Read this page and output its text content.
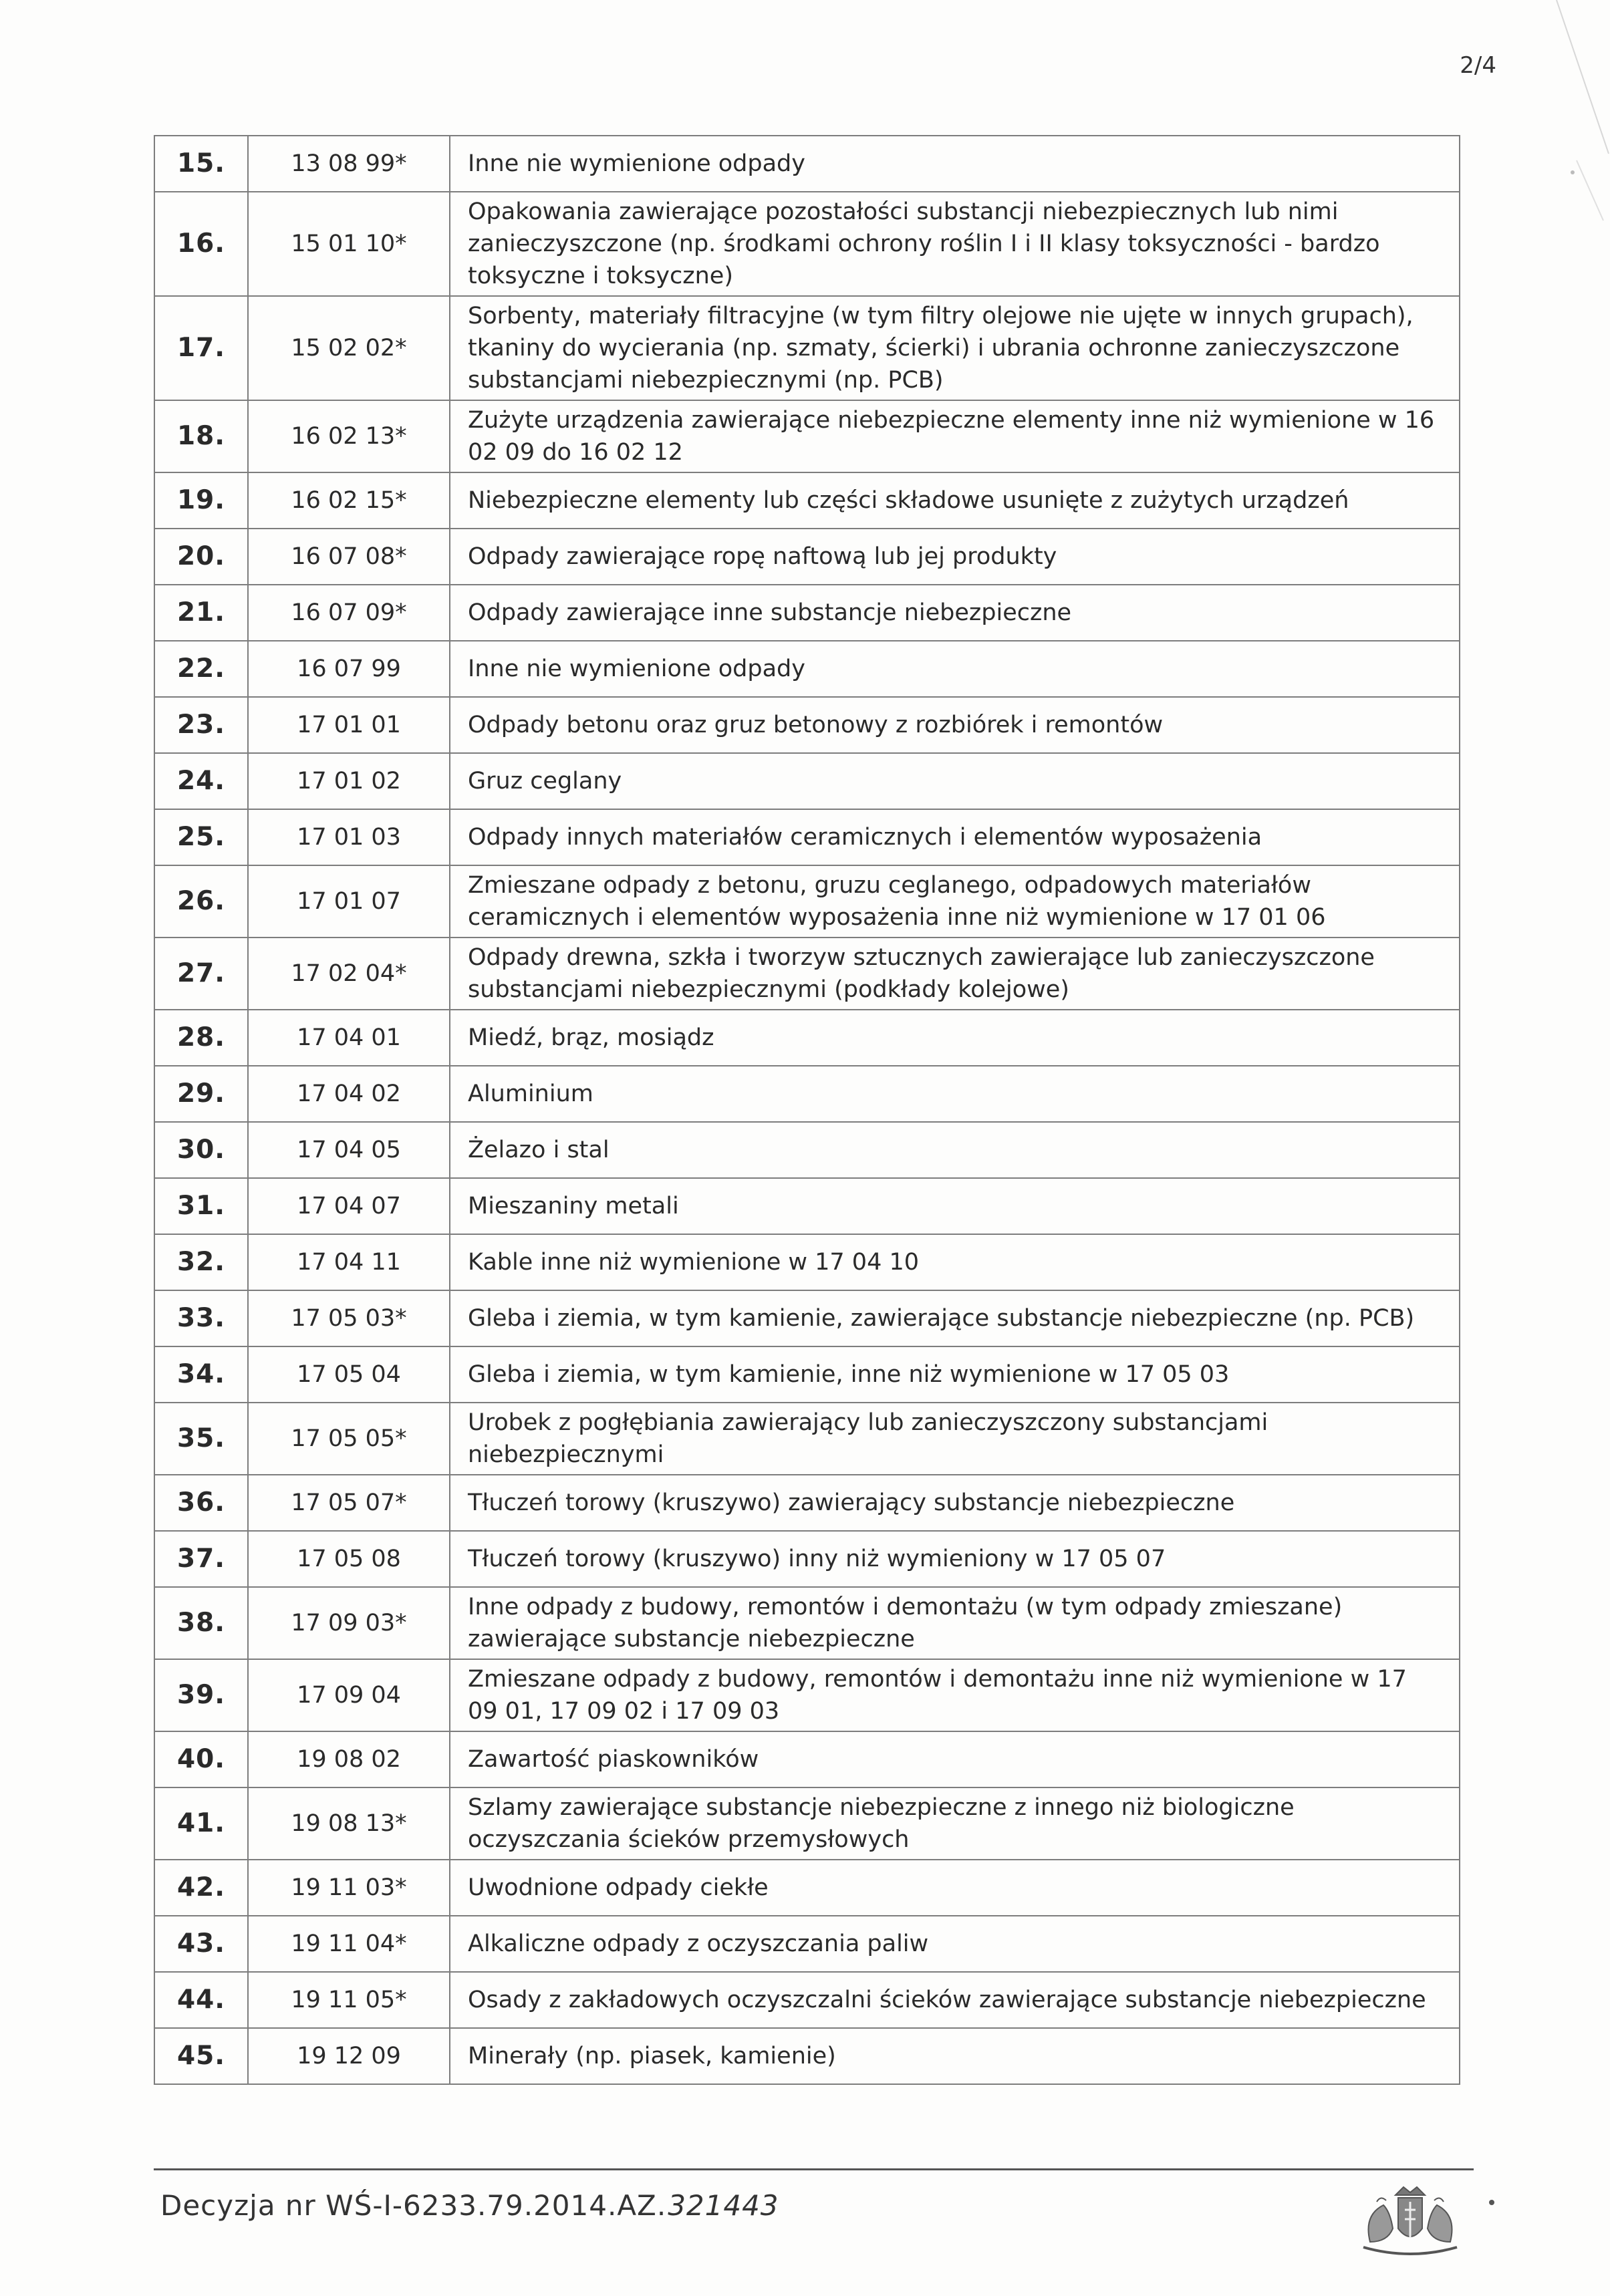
2/4
15.	13 08 99*	Inne nie wymienione odpady
16.	15 01 10*	Opakowania zawierające pozostałości substancji niebezpiecznych lub nimi zanieczyszczone (np. środkami ochrony roślin I i II klasy toksyczności - bardzo toksyczne i toksyczne)
17.	15 02 02*	Sorbenty, materiały filtracyjne (w tym filtry olejowe nie ujęte w innych grupach), tkaniny do wycierania (np. szmaty, ścierki) i ubrania ochronne zanieczyszczone substancjami niebezpiecznymi (np. PCB)
18.	16 02 13*	Zużyte urządzenia zawierające niebezpieczne elementy inne niż wymienione w 16 02 09 do 16 02 12
19.	16 02 15*	Niebezpieczne elementy lub części składowe usunięte z zużytych urządzeń
20.	16 07 08*	Odpady zawierające ropę naftową lub jej produkty
21.	16 07 09*	Odpady zawierające inne substancje niebezpieczne
22.	16 07 99	Inne nie wymienione odpady
23.	17 01 01	Odpady betonu oraz gruz betonowy z rozbiórek i remontów
24.	17 01 02	Gruz ceglany
25.	17 01 03	Odpady innych materiałów ceramicznych i elementów wyposażenia
26.	17 01 07	Zmieszane odpady z betonu, gruzu ceglanego, odpadowych materiałów ceramicznych i elementów wyposażenia inne niż wymienione w 17 01 06
27.	17 02 04*	Odpady drewna, szkła i tworzyw sztucznych zawierające lub zanieczyszczone substancjami niebezpiecznymi (podkłady kolejowe)
28.	17 04 01	Miedź, brąz, mosiądz
29.	17 04 02	Aluminium
30.	17 04 05	Żelazo i stal
31.	17 04 07	Mieszaniny metali
32.	17 04 11	Kable inne niż wymienione w 17 04 10
33.	17 05 03*	Gleba i ziemia, w tym kamienie, zawierające substancje niebezpieczne (np. PCB)
34.	17 05 04	Gleba i ziemia, w tym kamienie, inne niż wymienione w 17 05 03
35.	17 05 05*	Urobek z pogłębiania zawierający lub zanieczyszczony substancjami niebezpiecznymi
36.	17 05 07*	Tłuczeń torowy (kruszywo) zawierający substancje niebezpieczne
37.	17 05 08	Tłuczeń torowy (kruszywo) inny niż wymieniony w 17 05 07
38.	17 09 03*	Inne odpady z budowy, remontów i demontażu (w tym odpady zmieszane) zawierające substancje niebezpieczne
39.	17 09 04	Zmieszane odpady z budowy, remontów i demontażu inne niż wymienione w 17 09 01, 17 09 02 i 17 09 03
40.	19 08 02	Zawartość piaskowników
41.	19 08 13*	Szlamy zawierające substancje niebezpieczne z innego niż biologiczne oczyszczania ścieków przemysłowych
42.	19 11 03*	Uwodnione odpady ciekłe
43.	19 11 04*	Alkaliczne odpady z oczyszczania paliw
44.	19 11 05*	Osady z zakładowych oczyszczalni ścieków zawierające substancje niebezpieczne
45.	19 12 09	Minerały (np. piasek, kamienie)
Decyzja nr WŚ-I-6233.79.2014.AZ.321443
